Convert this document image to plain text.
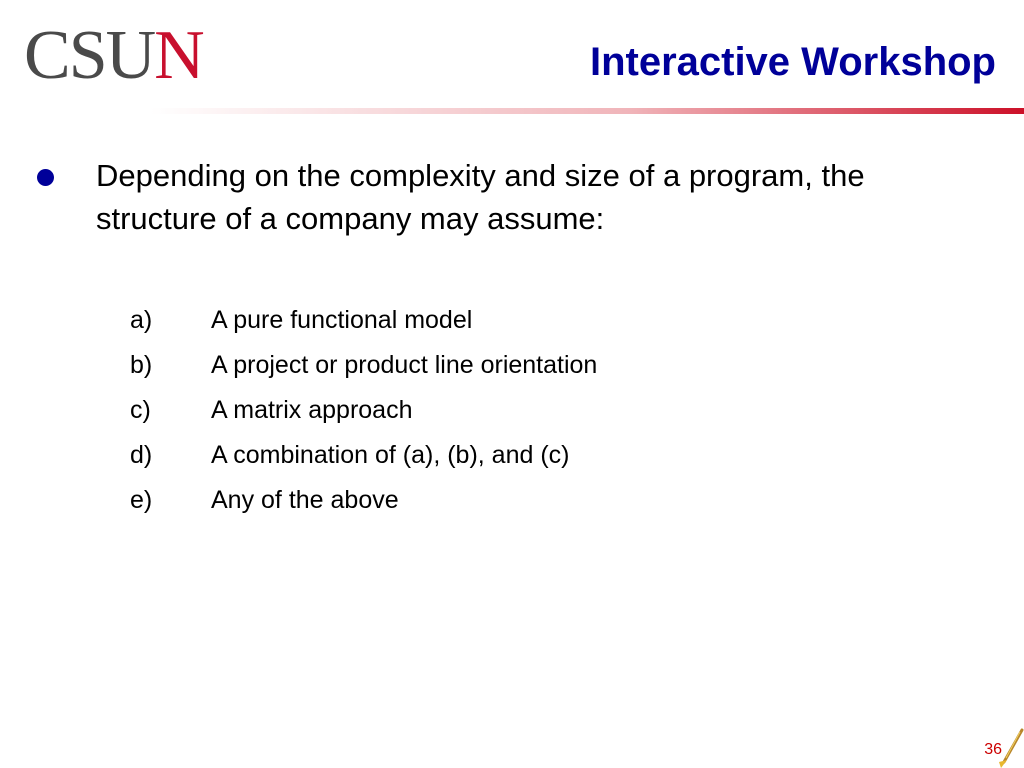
CSUN	Interactive Workshop
Depending on the complexity and size of a program, the structure of a company may assume:
a) A pure functional model
b) A project or product line orientation
c) A matrix approach
d) A combination of (a), (b), and (c)
e) Any of the above
36
